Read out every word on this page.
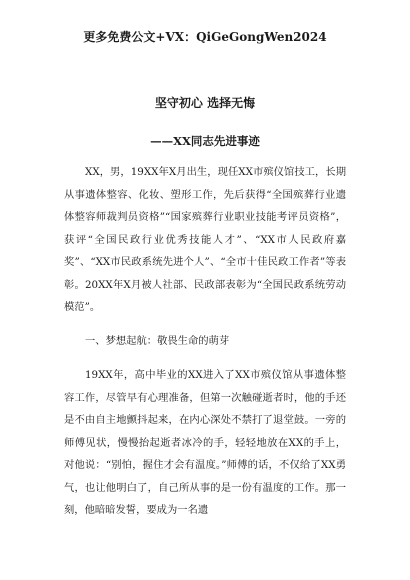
更多免费公文+VX：QiGeGongWen2024
坚守初心 选择无悔
——XX同志先进事迹

XX，男，19XX年X月出生，现任XX市殡仪馆技工，长期从事遗体整容、化妆、塑形工作，先后获得“全国殡葬行业遗体整容师裁判员资格”“国家殡葬行业职业技能考评员资格”，获评“全国民政行业优秀技能人才”、“XX市人民政府嘉奖”、“XX市民政系统先进个人”、“全市十佳民政工作者”等表彰。20XX年X月被人社部、民政部表彰为“全国民政系统劳动模范”。

一、梦想起航：敬畏生命的萌芽

19XX年，高中毕业的XX进入了XX市殡仪馆从事遗体整容工作，尽管早有心理准备，但第一次触碰逝者时，他的手还是不由自主地颤抖起来，在内心深处不禁打了退堂鼓。一旁的师傅见状，慢慢抬起逝者冰冷的手，轻轻地放在XX的手上，对他说：“别怕，握住才会有温度。”师傅的话，不仅给了XX勇气，也让他明白了，自己所从事的是一份有温度的工作。那一刻，他暗暗发誓，要成为一名遗
